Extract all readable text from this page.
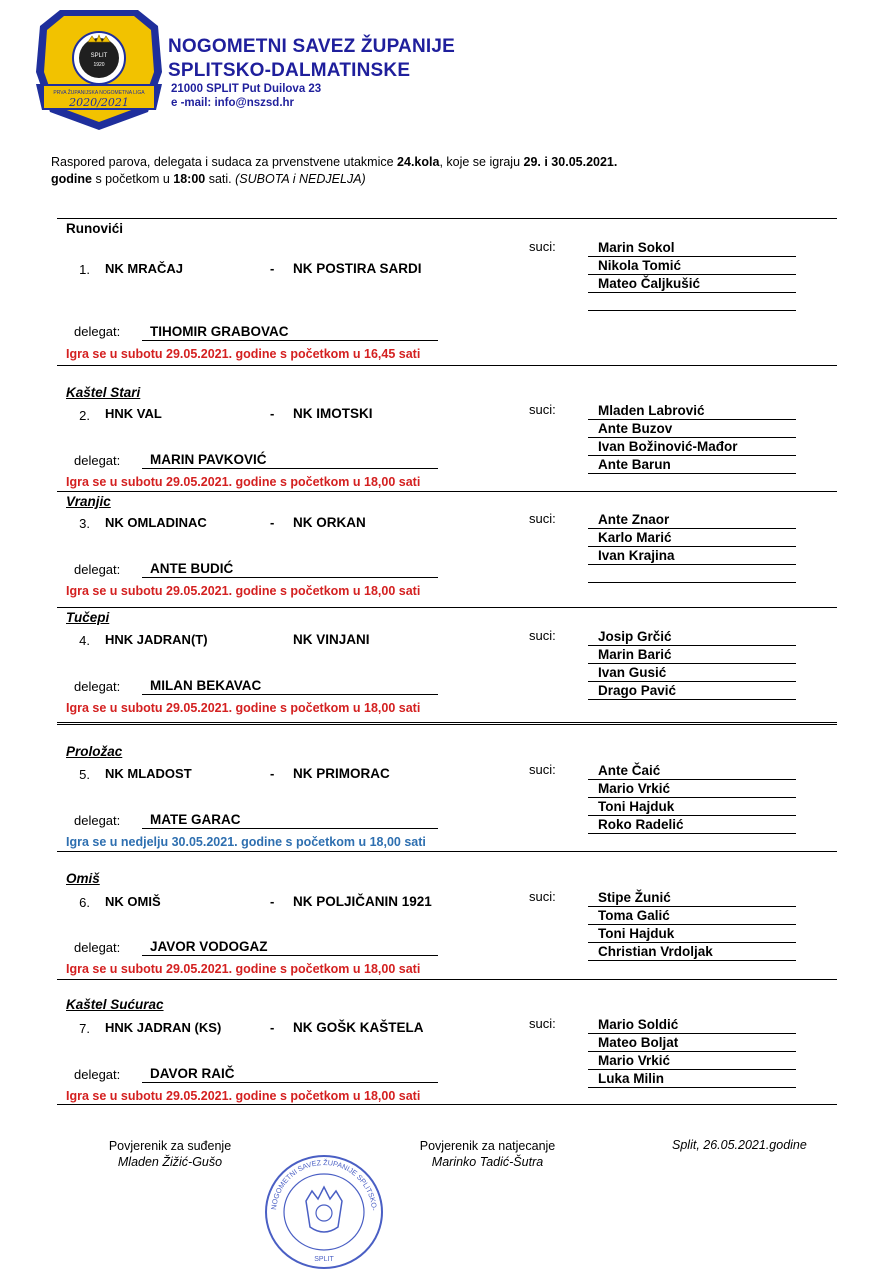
SPLIT
1920
PRVA ŽUPANIJSKA NOGOMETNA LIGA
2020/2021
NOGOMETNI SAVEZ ŽUPANIJE
SPLITSKO-DALMATINSKE
21000 SPLIT Put Duilova 23
e -mail: info@nszsd.hr
Raspored parova, delegata i sudaca za prvenstvene utakmice 24.kola, koje se igraju 29. i 30.05.2021.
godine s početkom u 18:00 sati. (SUBOTA i NEDJELJA)
Runovići
1. NK MRAČAJ	- NK POSTIRA SARDI
suci:	Marin Sokol
Nikola Tomić
Mateo Čaljkušić
delegat:	TIHOMIR GRABOVAC
Igra se u subotu 29.05.2021. godine s početkom u 16,45 sati
Kaštel Stari
2. HNK VAL	- NK IMOTSKI	suci:	Mladen Labrović
Ante Buzov
Ivan Božinović-Mađor
Ante Barun
delegat:	MARIN PAVKOVIĆ
Igra se u subotu 29.05.2021. godine s početkom u 18,00 sati
Vranjic
3. NK OMLADINAC	- NK ORKAN	suci:	Ante Znaor
Karlo Marić
Ivan Krajina
delegat:	ANTE BUDIĆ
Igra se u subotu 29.05.2021. godine s početkom u 18,00 sati
Tučepi
4. HNK JADRAN(T)	NK VINJANI	suci:	Josip Grčić
Marin Barić
Ivan Gusić
Drago Pavić
delegat:	MILAN BEKAVAC
Igra se u subotu 29.05.2021. godine s početkom u 18,00 sati
Proložac
5. NK MLADOST	- NK PRIMORAC	suci:	Ante Čaić
Mario Vrkić
Toni Hajduk
Roko Radelić
delegat:	MATE GARAC
Igra se u nedjelju 30.05.2021. godine s početkom u 18,00 sati
Omiš
6. NK OMIŠ	- NK POLJIČANIN 1921	suci:	Stipe Žunić
Toma Galić
Toni Hajduk
Christian Vrdoljak
delegat:	JAVOR VODOGAZ
Igra se u subotu 29.05.2021. godine s početkom u 18,00 sati
Kaštel Sućurac
7. HNK JADRAN (KS)	- NK GOŠK KAŠTELA	suci:	Mario Soldić
Mateo Boljat
Mario Vrkić
Luka Milin
delegat:	DAVOR RAIČ
Igra se u subotu 29.05.2021. godine s početkom u 18,00 sati
Povjerenik za suđenje
Mladen Žižić-Gušo
Povjerenik za natjecanje
Marinko Tadić-Šutra
Split, 26.05.2021.godine
NOGOMETNI SAVEZ ŽUPANIJE SPLITSKO-
SPLIT
